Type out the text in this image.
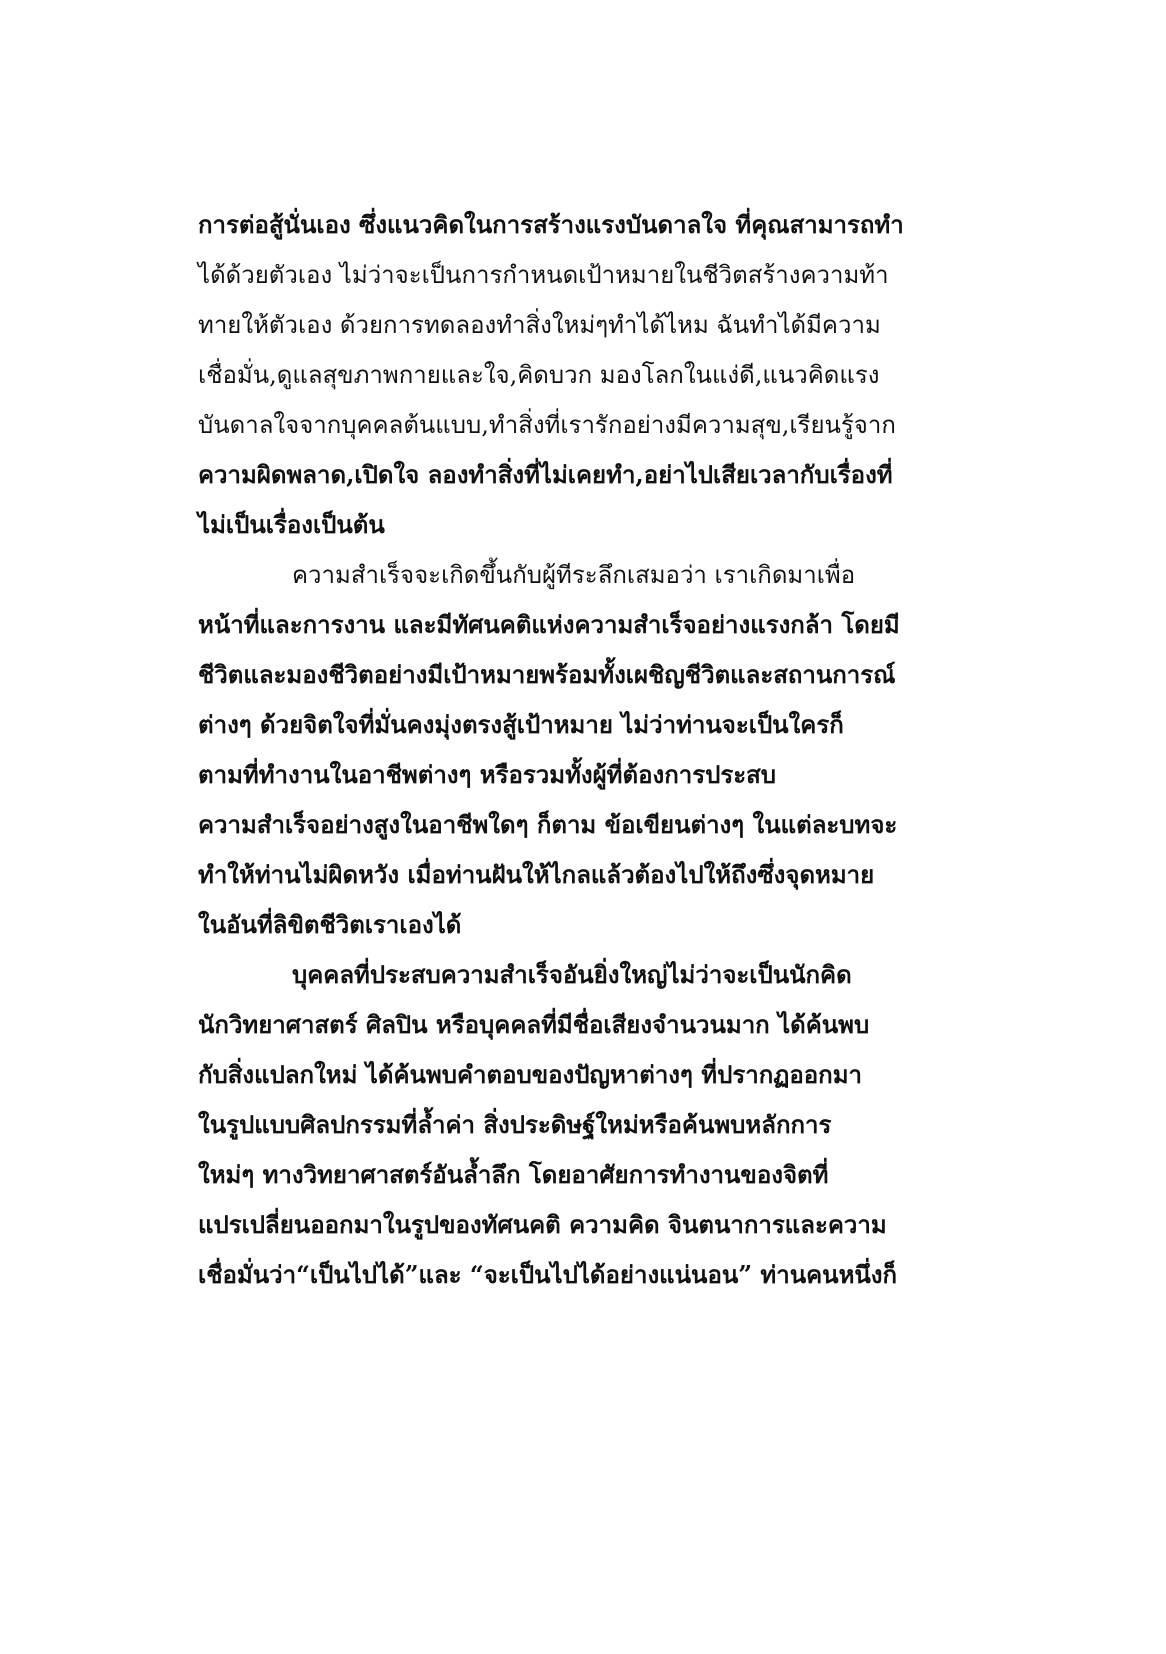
การต่อสู้นั่นเอง ซึ่งแนวคิดในการสร้างแรงบันดาลใจ ที่คุณสามารถทำ
ได้ด้วยตัวเอง ไม่ว่าจะเป็นการกำหนดเป้าหมายในชีวิตสร้างความท้า
ทายให้ตัวเอง ด้วยการทดลองทำสิ่งใหม่ๆทำได้ไหม ฉันทำได้มีความ
เชื่อมั่น,ดูแลสุขภาพกายและใจ,คิดบวก มองโลกในแง่ดี,แนวคิดแรง
บันดาลใจจากบุคคลต้นแบบ,ทำสิ่งที่เรารักอย่างมีความสุข,เรียนรู้จาก
ความผิดพลาด,เปิดใจ ลองทำสิ่งที่ไม่เคยทำ,อย่าไปเสียเวลากับเรื่องที่
ไม่เป็นเรื่องเป็นต้น
ความสำเร็จจะเกิดขึ้นกับผู้ทีระลึกเสมอว่า เราเกิดมาเพื่อ
หน้าที่และการงาน และมีทัศนคติแห่งความสำเร็จอย่างแรงกล้า โดยมี
ชีวิตและมองชีวิตอย่างมีเป้าหมายพร้อมทั้งเผชิญชีวิตและสถานการณ์
ต่างๆ ด้วยจิตใจที่มั่นคงมุ่งตรงสู้เป้าหมาย ไม่ว่าท่านจะเป็นใครก็
ตามที่ทำงานในอาชีพต่างๆ หรือรวมทั้งผู้ที่ต้องการประสบ
ความสำเร็จอย่างสูงในอาชีพใดๆ ก็ตาม ข้อเขียนต่างๆ ในแต่ละบทจะ
ทำให้ท่านไม่ผิดหวัง เมื่อท่านฝันให้ไกลแล้วต้องไปให้ถึงซึ่งจุดหมาย
ในอันที่ลิขิตชีวิตเราเองได้
บุคคลที่ประสบความสำเร็จอันยิ่งใหญ่ไม่ว่าจะเป็นนักคิด
นักวิทยาศาสตร์ ศิลปิน หรือบุคคลที่มีชื่อเสียงจำนวนมาก ได้ค้นพบ
กับสิ่งแปลกใหม่ ได้ค้นพบคำตอบของปัญหาต่างๆ ที่ปรากฏออกมา
ในรูปแบบศิลปกรรมที่ล้ำค่า สิ่งประดิษฐ์ใหม่หรือค้นพบหลักการ
ใหม่ๆ ทางวิทยาศาสตร์อันล้ำลึก โดยอาศัยการทำงานของจิตที่
แปรเปลี่ยนออกมาในรูปของทัศนคติ ความคิด จินตนาการและความ
เชื่อมั่นว่า“เป็นไปได้”และ “จะเป็นไปได้อย่างแน่นอน” ท่านคนหนึ่งก็
